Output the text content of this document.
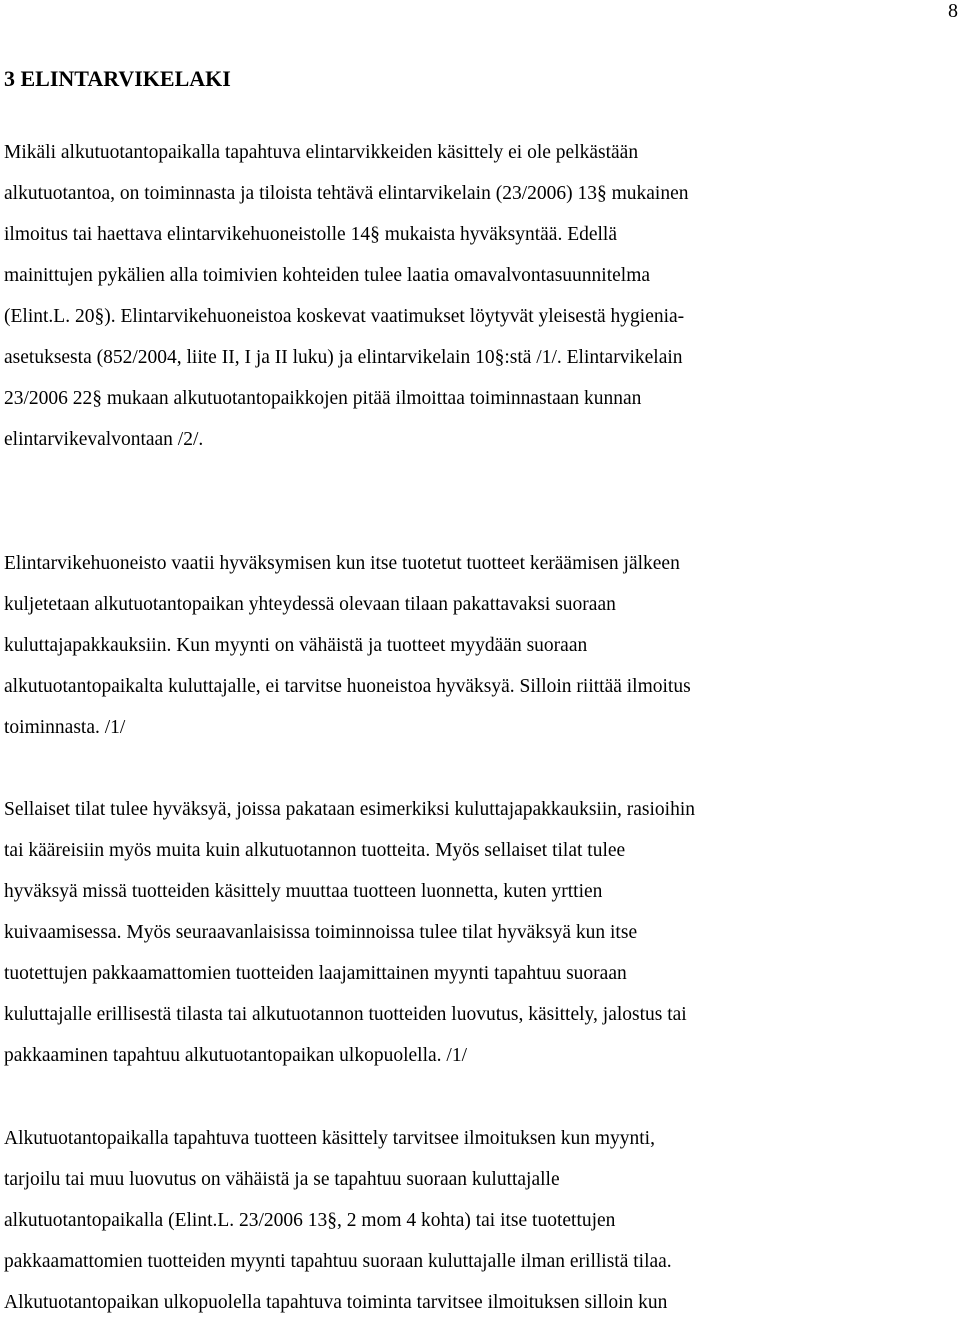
8
3 ELINTARVIKELAKI

Mikäli alkutuotantopaikalla tapahtuva elintarvikkeiden käsittely ei ole pelkästään
alkutuotantoa, on toiminnasta ja tiloista tehtävä elintarvikelain (23/2006) 13§ mukainen
ilmoitus tai haettava elintarvikehuoneistolle 14§ mukaista hyväksyntää. Edellä
mainittujen pykälien alla toimivien kohteiden tulee laatia omavalvontasuunnitelma
(Elint.L. 20§). Elintarvikehuoneistoa koskevat vaatimukset löytyvät yleisestä hygienia-
asetuksesta (852/2004, liite II, I ja II luku) ja elintarvikelain 10§:stä /1/. Elintarvikelain
23/2006 22§ mukaan alkutuotantopaikkojen pitää ilmoittaa toiminnastaan kunnan
elintarvikevalvontaan /2/.

Elintarvikehuoneisto vaatii hyväksymisen kun itse tuotetut tuotteet keräämisen jälkeen
kuljetetaan alkutuotantopaikan yhteydessä olevaan tilaan pakattavaksi suoraan
kuluttajapakkauksiin. Kun myynti on vähäistä ja tuotteet myydään suoraan
alkutuotantopaikalta kuluttajalle, ei tarvitse huoneistoa hyväksyä. Silloin riittää ilmoitus
toiminnasta. /1/

Sellaiset tilat tulee hyväksyä, joissa pakataan esimerkiksi kuluttajapakkauksiin, rasioihin
tai kääreisiin myös muita kuin alkutuotannon tuotteita. Myös sellaiset tilat tulee
hyväksyä missä tuotteiden käsittely muuttaa tuotteen luonnetta, kuten yrttien
kuivaamisessa. Myös seuraavanlaisissa toiminnoissa tulee tilat hyväksyä kun itse
tuotettujen pakkaamattomien tuotteiden laajamittainen myynti tapahtuu suoraan
kuluttajalle erillisestä tilasta tai alkutuotannon tuotteiden luovutus, käsittely, jalostus tai
pakkaaminen tapahtuu alkutuotantopaikan ulkopuolella. /1/

Alkutuotantopaikalla tapahtuva tuotteen käsittely tarvitsee ilmoituksen kun myynti,
tarjoilu tai muu luovutus on vähäistä ja se tapahtuu suoraan kuluttajalle
alkutuotantopaikalla (Elint.L. 23/2006 13§, 2 mom 4 kohta) tai itse tuotettujen
pakkaamattomien tuotteiden myynti tapahtuu suoraan kuluttajalle ilman erillistä tilaa.
Alkutuotantopaikan ulkopuolella tapahtuva toiminta tarvitsee ilmoituksen silloin kun
